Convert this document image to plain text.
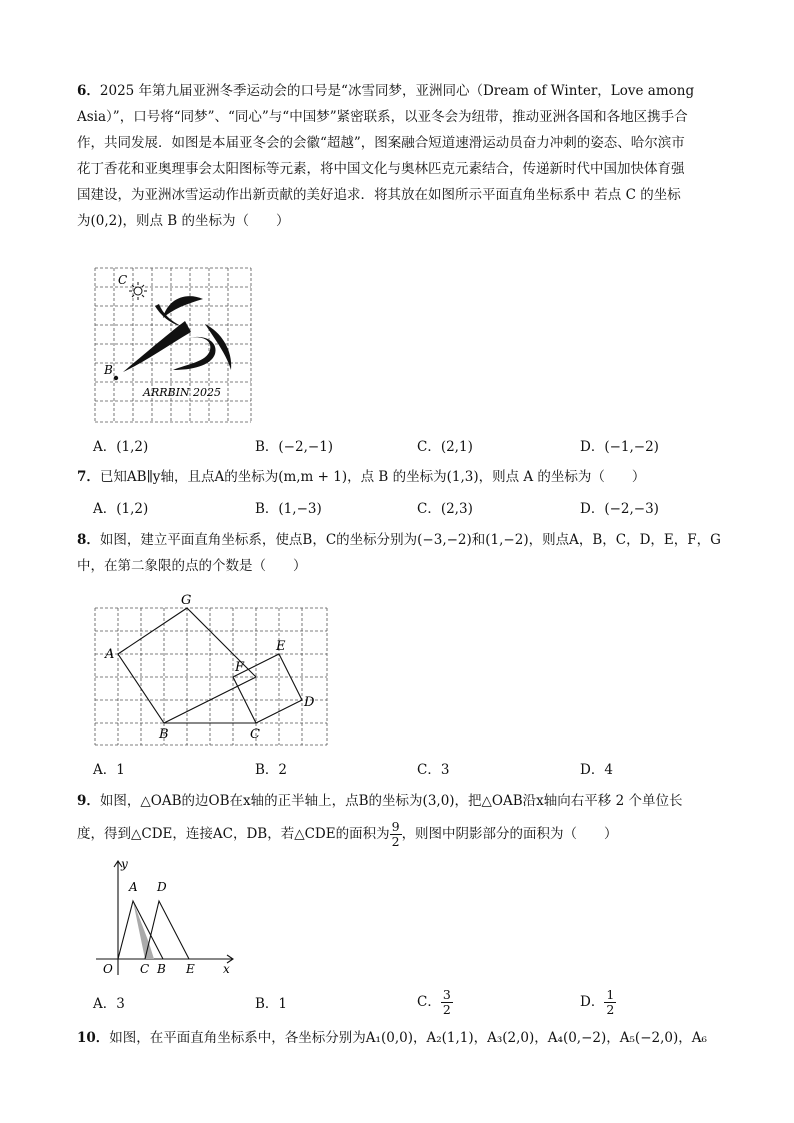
6．2025 年第九届亚洲冬季运动会的口号是“冰雪同梦，亚洲同心（Dream of Winter，Love among
Asia）”，口号将“同梦”、“同心”与“中国梦”紧密联系，以亚冬会为纽带，推动亚洲各国和各地区携手合
作，共同发展．如图是本届亚冬会的会徽“超越”，图案融合短道速滑运动员奋力冲刺的姿态、哈尔滨市
花丁香花和亚奥理事会太阳图标等元素，将中国文化与奥林匹克元素结合，传递新时代中国加快体育强
国建设，为亚洲冰雪运动作出新贡献的美好追求．将其放在如图所示平面直角坐标系中 若点 C 的坐标
为(0,2)，则点 B 的坐标为（　　）
C
B
ARRBIN 2025
A．(1,2)	B．(−2,−1)	C．(2,1)	D．(−1,−2)
7．已知AB∥y轴，且点A的坐标为(m,m + 1)，点 B 的坐标为(1,3)，则点 A 的坐标为（　　）
A．(1,2)	B．(1,−3)	C．(2,3)	D．(−2,−3)
8．如图，建立平面直角坐标系，使点B，C的坐标分别为(−3,−2)和(1,−2)，则点A，B，C，D，E，F，G
中，在第二象限的点的个数是（　　）
A
B	C
D
E
F
G
A．1	B．2	C．3	D．4
9．如图，△OAB的边OB在x轴的正半轴上，点B的坐标为(3,0)，把△OAB沿x轴向右平移 2 个单位长
度，得到△CDE，连接AC，DB，若△CDE的面积为 $\frac{9}{2}$ ，则图中阴影部分的面积为（　　）
y
A D
O C B E x
A．3	B．1	C． $\frac{3}{2}$	D． $\frac{1}{2}$
10．如图，在平面直角坐标系中，各坐标分别为A₁(0,0)，A₂(1,1)，A₃(2,0)，A₄(0,−2)，A₅(−2,0)，A₆
